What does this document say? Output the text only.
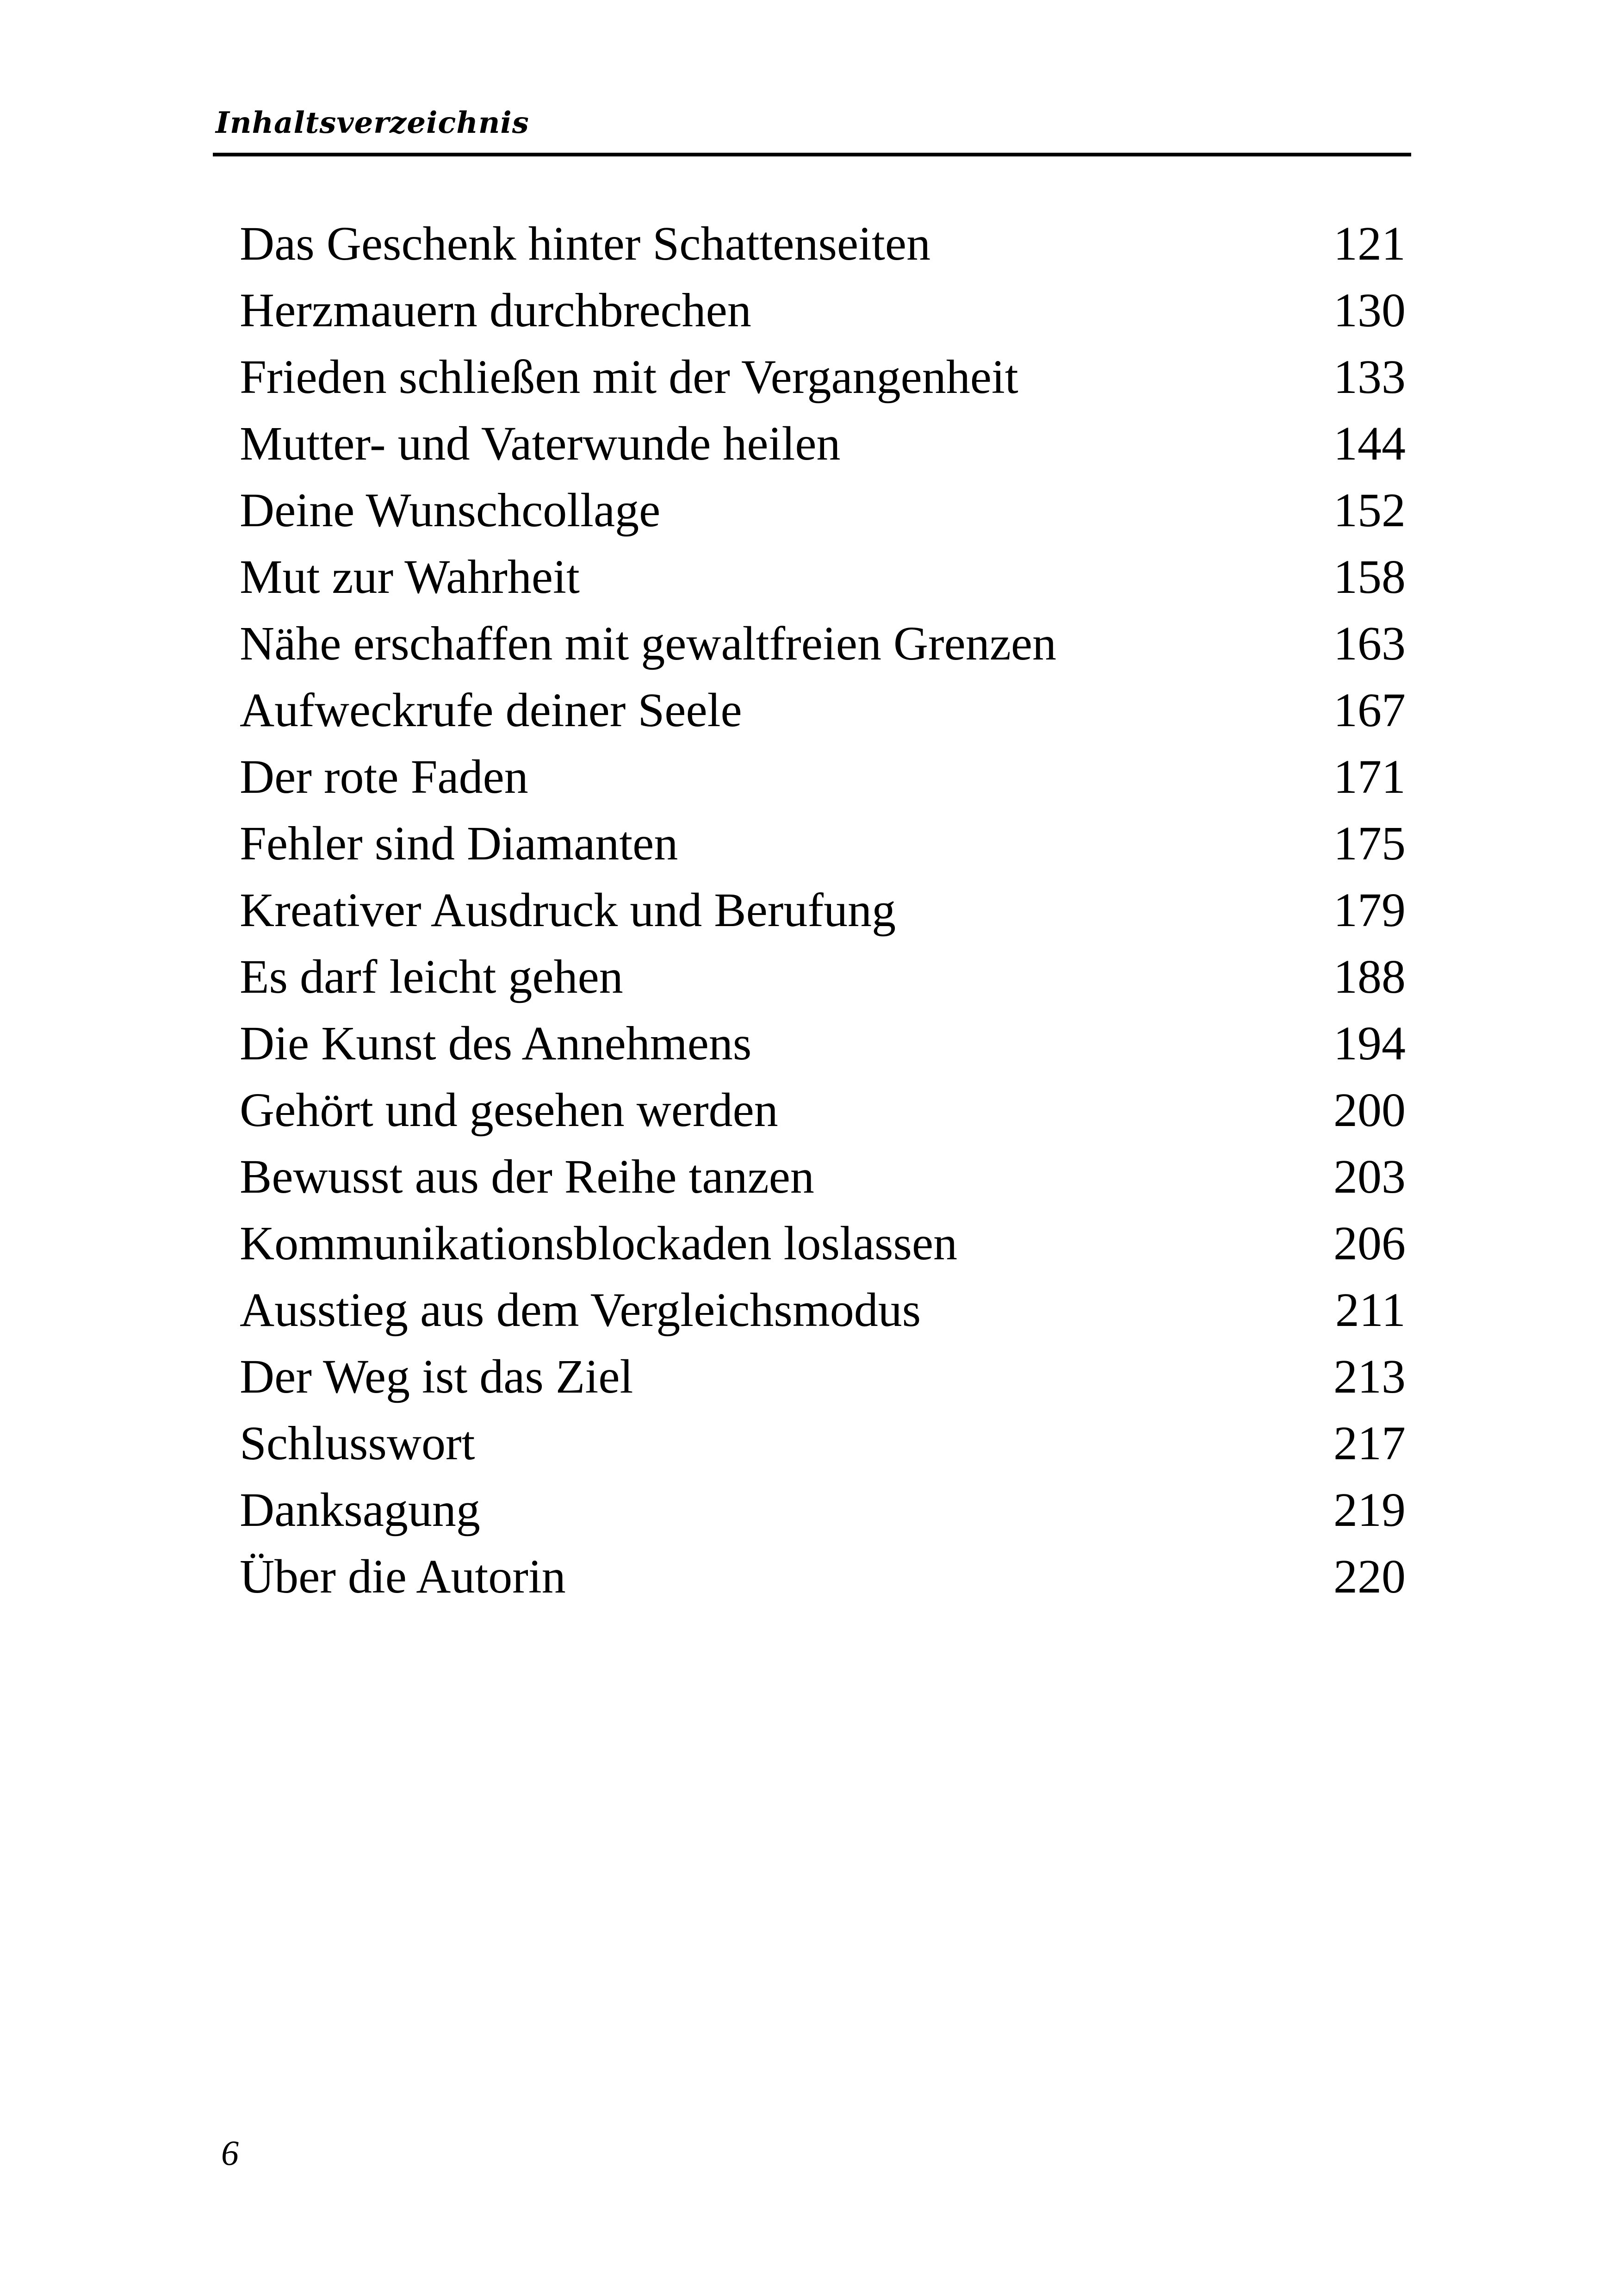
Inhaltsverzeichnis
Das Geschenk hinter Schattenseiten	121
Herzmauern durchbrechen	130
Frieden schließen mit der Vergangenheit	133
Mutter- und Vaterwunde heilen	144
Deine Wunschcollage	152
Mut zur Wahrheit	158
Nähe erschaffen mit gewaltfreien Grenzen	163
Aufweckrufe deiner Seele	167
Der rote Faden	171
Fehler sind Diamanten	175
Kreativer Ausdruck und Berufung	179
Es darf leicht gehen	188
Die Kunst des Annehmens	194
Gehört und gesehen werden	200
Bewusst aus der Reihe tanzen	203
Kommunikationsblockaden loslassen	206
Ausstieg aus dem Vergleichsmodus	211
Der Weg ist das Ziel	213
Schlusswort	217
Danksagung	219
Über die Autorin	220
6
